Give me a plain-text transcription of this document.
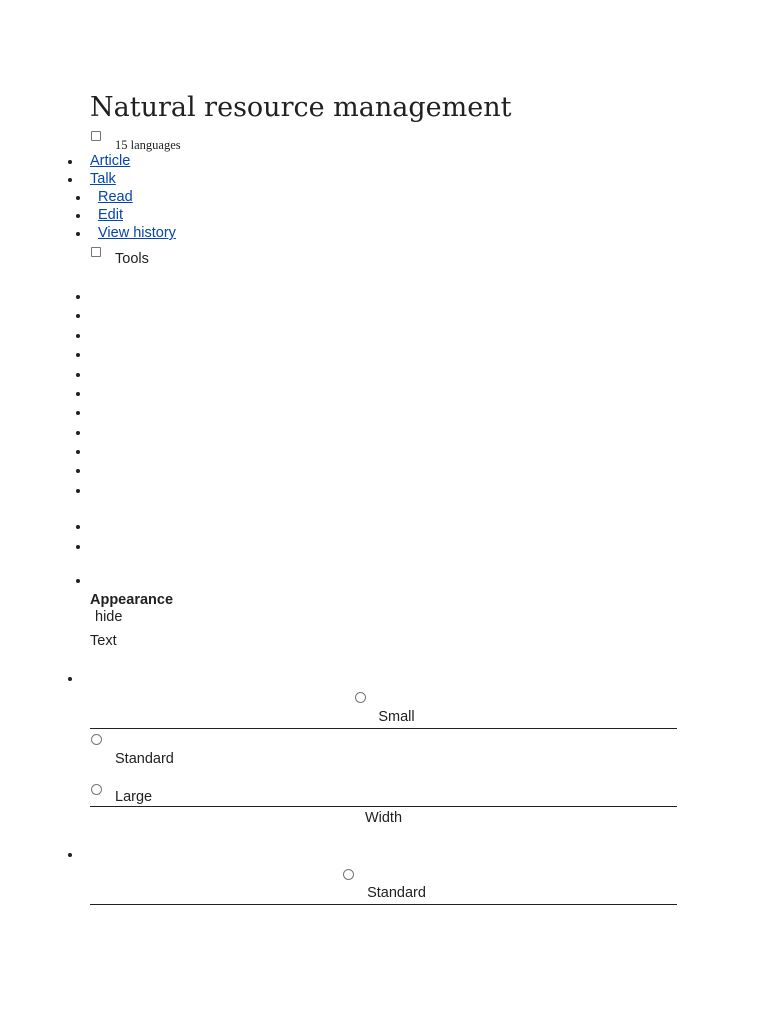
Natural resource management
15 languages
Article
Talk
Read
Edit
View history
Tools
Appearance
hide
Text
Small
Standard
Large
Width
Standard
